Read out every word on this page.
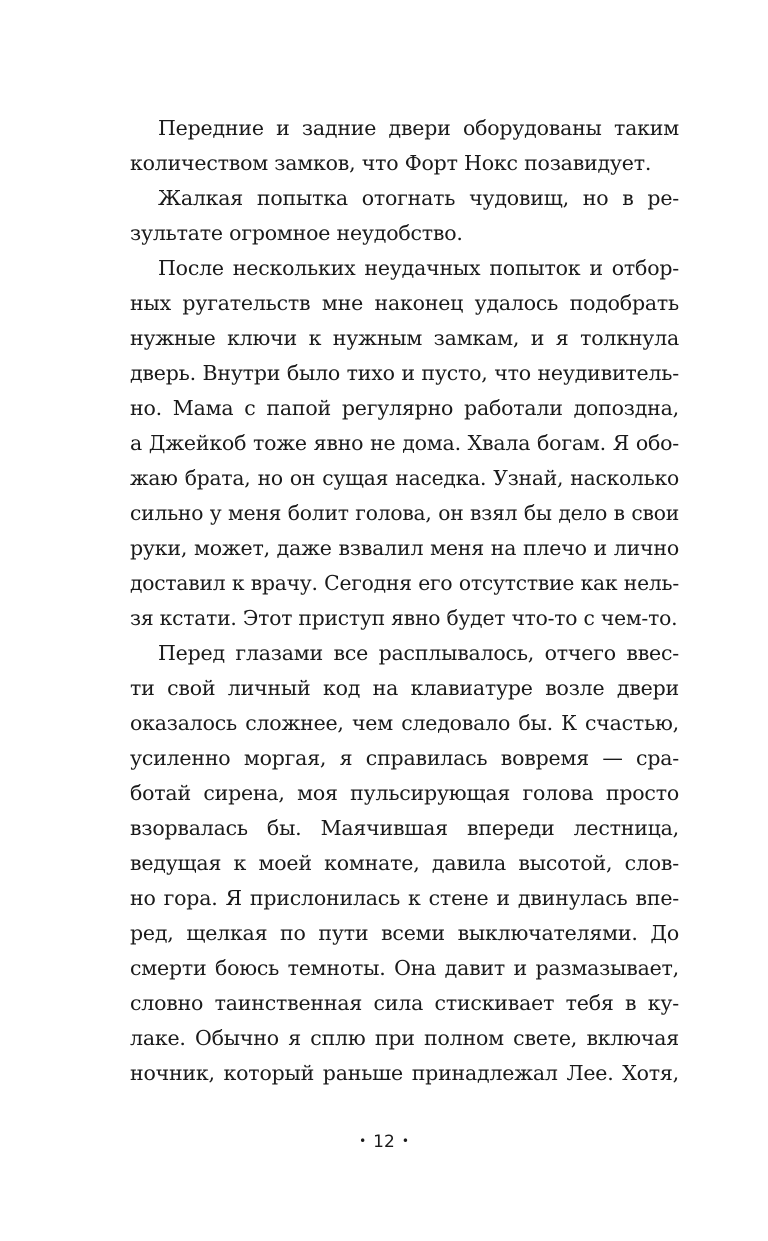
Передние и задние двери оборудованы таким
количеством замков, что Форт Нокс позавидует.
Жалкая попытка отогнать чудовищ, но в ре-
зультате огромное неудобство.
После нескольких неудачных попыток и отбор-
ных ругательств мне наконец удалось подобрать
нужные ключи к нужным замкам, и я толкнула
дверь. Внутри было тихо и пусто, что неудивитель-
но. Мама с папой регулярно работали допоздна,
а Джейкоб тоже явно не дома. Хвала богам. Я обо-
жаю брата, но он сущая наседка. Узнай, насколько
сильно у меня болит голова, он взял бы дело в свои
руки, может, даже взвалил меня на плечо и лично
доставил к врачу. Сегодня его отсутствие как нель-
зя кстати. Этот приступ явно будет что-то с чем-то.
Перед глазами все расплывалось, отчего ввес-
ти свой личный код на клавиатуре возле двери
оказалось сложнее, чем следовало бы. К счастью,
усиленно моргая, я справилась вовремя — сра-
ботай сирена, моя пульсирующая голова просто
взорвалась бы. Маячившая впереди лестница,
ведущая к моей комнате, давила высотой, слов-
но гора. Я прислонилась к стене и двинулась впе-
ред, щелкая по пути всеми выключателями. До
смерти боюсь темноты. Она давит и размазывает,
словно таинственная сила стискивает тебя в ку-
лаке. Обычно я сплю при полном свете, включая
ночник, который раньше принадлежал Лее. Хотя,
• 12 •
